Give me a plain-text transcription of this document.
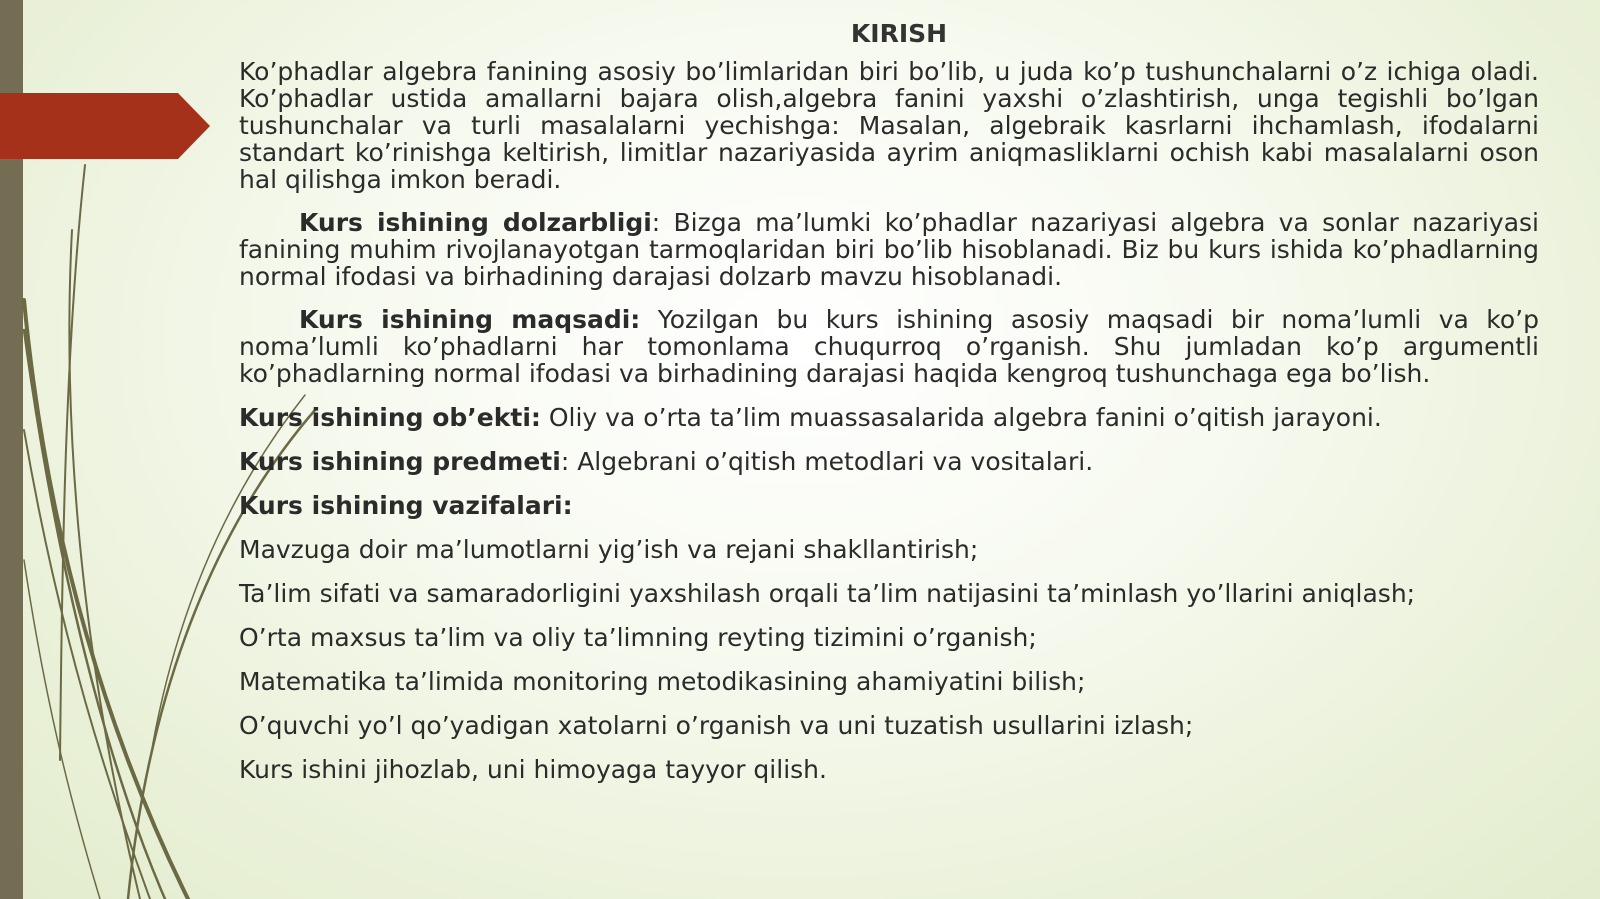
KIRISH

Ko’phadlar algebra fanining asosiy bo’limlaridan biri bo’lib, u juda ko’p tushunchalarni o’z ichiga oladi. Ko’phadlar ustida amallarni bajara olish,algebra fanini yaxshi o’zlashtirish, unga tegishli bo’lgan tushunchalar va turli masalalarni yechishga: Masalan, algebraik kasrlarni ihchamlash, ifodalarni standart ko’rinishga keltirish, limitlar nazariyasida ayrim aniqmasliklarni ochish kabi masalalarni oson hal qilishga imkon beradi.

Kurs ishining dolzarbligi: Bizga ma’lumki ko’phadlar nazariyasi algebra va sonlar nazariyasi fanining muhim rivojlanayotgan tarmoqlaridan biri bo’lib hisoblanadi. Biz bu kurs ishida ko’phadlarning normal ifodasi va birhadining darajasi dolzarb mavzu hisoblanadi.

Kurs ishining maqsadi: Yozilgan bu kurs ishining asosiy maqsadi bir noma’lumli va ko’p noma’lumli ko’phadlarni har tomonlama chuqurroq o’rganish. Shu jumladan ko’p argumentli ko’phadlarning normal ifodasi va birhadining darajasi haqida kengroq tushunchaga ega bo’lish.

Kurs ishining ob’ekti: Oliy va o’rta ta’lim muassasalarida algebra fanini o’qitish jarayoni.

Kurs ishining predmeti: Algebrani o’qitish metodlari va vositalari.

Kurs ishining vazifalari:

Mavzuga doir ma’lumotlarni yig’ish va rejani shakllantirish;

Ta’lim sifati va samaradorligini yaxshilash orqali ta’lim natijasini ta’minlash yo’llarini aniqlash;

O’rta maxsus ta’lim va oliy ta’limning reyting tizimini o’rganish;

Matematika ta’limida monitoring metodikasining ahamiyatini bilish;

O’quvchi yo’l qo’yadigan xatolarni o’rganish va uni tuzatish usullarini izlash;

Kurs ishini jihozlab, uni himoyaga tayyor qilish.
